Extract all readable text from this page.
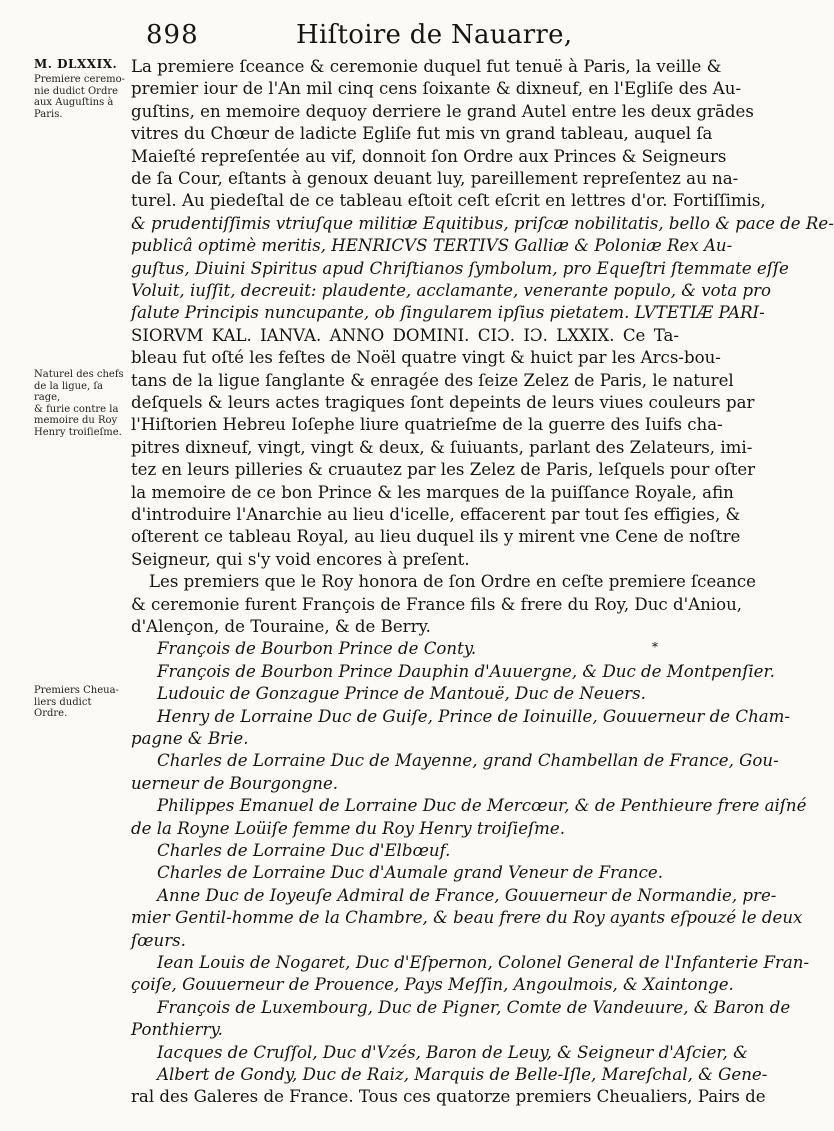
898	Hiſtoire de Nauarre,
M. DLXXIX.
Premiere ceremo-
nie dudict Ordre
aux Auguſtins à
Paris.
Naturel des chefs
de la ligue, ſa rage,
& furie contre la
memoire du Roy
Henry troiſieſme.
Premiers Cheua-
liers dudict Ordre.
*
La premiere ſceance & ceremonie duquel fut tenuë à Paris, la veille &
premier iour de l'An mil cinq cens ſoixante & dixneuf, en l'Egliſe des Au-
guſtins, en memoire dequoy derriere le grand Autel entre les deux grādes
vitres du Chœur de ladicte Egliſe fut mis vn grand tableau, auquel ſa
Maieſté repreſentée au vif, donnoit ſon Ordre aux Princes & Seigneurs
de ſa Cour, eſtants à genoux deuant luy, pareillement repreſentez au na-
turel. Au piedeſtal de ce tableau eſtoit ceſt eſcrit en lettres d'or. Fortiſſimis,
& prudentiſſimis vtriuſque militiæ Equitibus, priſcæ nobilitatis, bello & pace de Re-
publicâ optimè meritis, HENRICVS TERTIVS Galliæ & Poloniæ Rex Au-
guſtus, Diuini Spiritus apud Chriſtianos ſymbolum, pro Equeſtri ſtemmate eſſe
Voluit, iuſſit, decreuit: plaudente, acclamante, venerante populo, & vota pro
ſalute Principis nuncupante, ob ſingularem ipſius pietatem. LVTETIÆ PARI-
SIORVM KAL. IANVA. ANNO DOMINI. CIƆ. IƆ. LXXIX. Ce Ta-
bleau fut oſté les feſtes de Noël quatre vingt & huict par les Arcs-bou-
tans de la ligue ſanglante & enragée des ſeize Zelez de Paris, le naturel
deſquels & leurs actes tragiques ſont depeints de leurs viues couleurs par
l'Hiſtorien Hebreu Ioſephe liure quatrieſme de la guerre des Iuifs cha-
pitres dixneuf, vingt, vingt & deux, & ſuiuants, parlant des Zelateurs, imi-
tez en leurs pilleries & cruautez par les Zelez de Paris, leſquels pour oſter
la memoire de ce bon Prince & les marques de la puiſſance Royale, afin
d'introduire l'Anarchie au lieu d'icelle, effacerent par tout ſes effigies, &
oſterent ce tableau Royal, au lieu duquel ils y mirent vne Cene de noſtre
Seigneur, qui s'y void encores à preſent.
Les premiers que le Roy honora de ſon Ordre en ceſte premiere ſceance
& ceremonie furent François de France fils & frere du Roy, Duc d'Aniou,
d'Alençon, de Touraine, & de Berry.
François de Bourbon Prince de Conty.
François de Bourbon Prince Dauphin d'Auuergne, & Duc de Montpenſier.
Ludouic de Gonzague Prince de Mantouë, Duc de Neuers.
Henry de Lorraine Duc de Guiſe, Prince de Ioinuille, Gouuerneur de Cham-
pagne & Brie.
Charles de Lorraine Duc de Mayenne, grand Chambellan de France, Gou-
uerneur de Bourgongne.
Philippes Emanuel de Lorraine Duc de Mercœur, & de Penthieure frere aiſné
de la Royne Loüiſe femme du Roy Henry troiſieſme.
Charles de Lorraine Duc d'Elbœuf.
Charles de Lorraine Duc d'Aumale grand Veneur de France.
Anne Duc de Ioyeuſe Admiral de France, Gouuerneur de Normandie, pre-
mier Gentil-homme de la Chambre, & beau frere du Roy ayants eſpouzé le deux
ſœurs.
Iean Louis de Nogaret, Duc d'Eſpernon, Colonel General de l'Infanterie Fran-
çoiſe, Gouuerneur de Prouence, Pays Meſſin, Angoulmois, & Xaintonge.
François de Luxembourg, Duc de Pigner, Comte de Vandeuure, & Baron de
Ponthierry.
Iacques de Cruſſol, Duc d'Vzés, Baron de Leuy, & Seigneur d'Aſcier, &
Albert de Gondy, Duc de Raiz, Marquis de Belle-Iſle, Mareſchal, & Gene-
ral des Galeres de France. Tous ces quatorze premiers Cheualiers, Pairs de
